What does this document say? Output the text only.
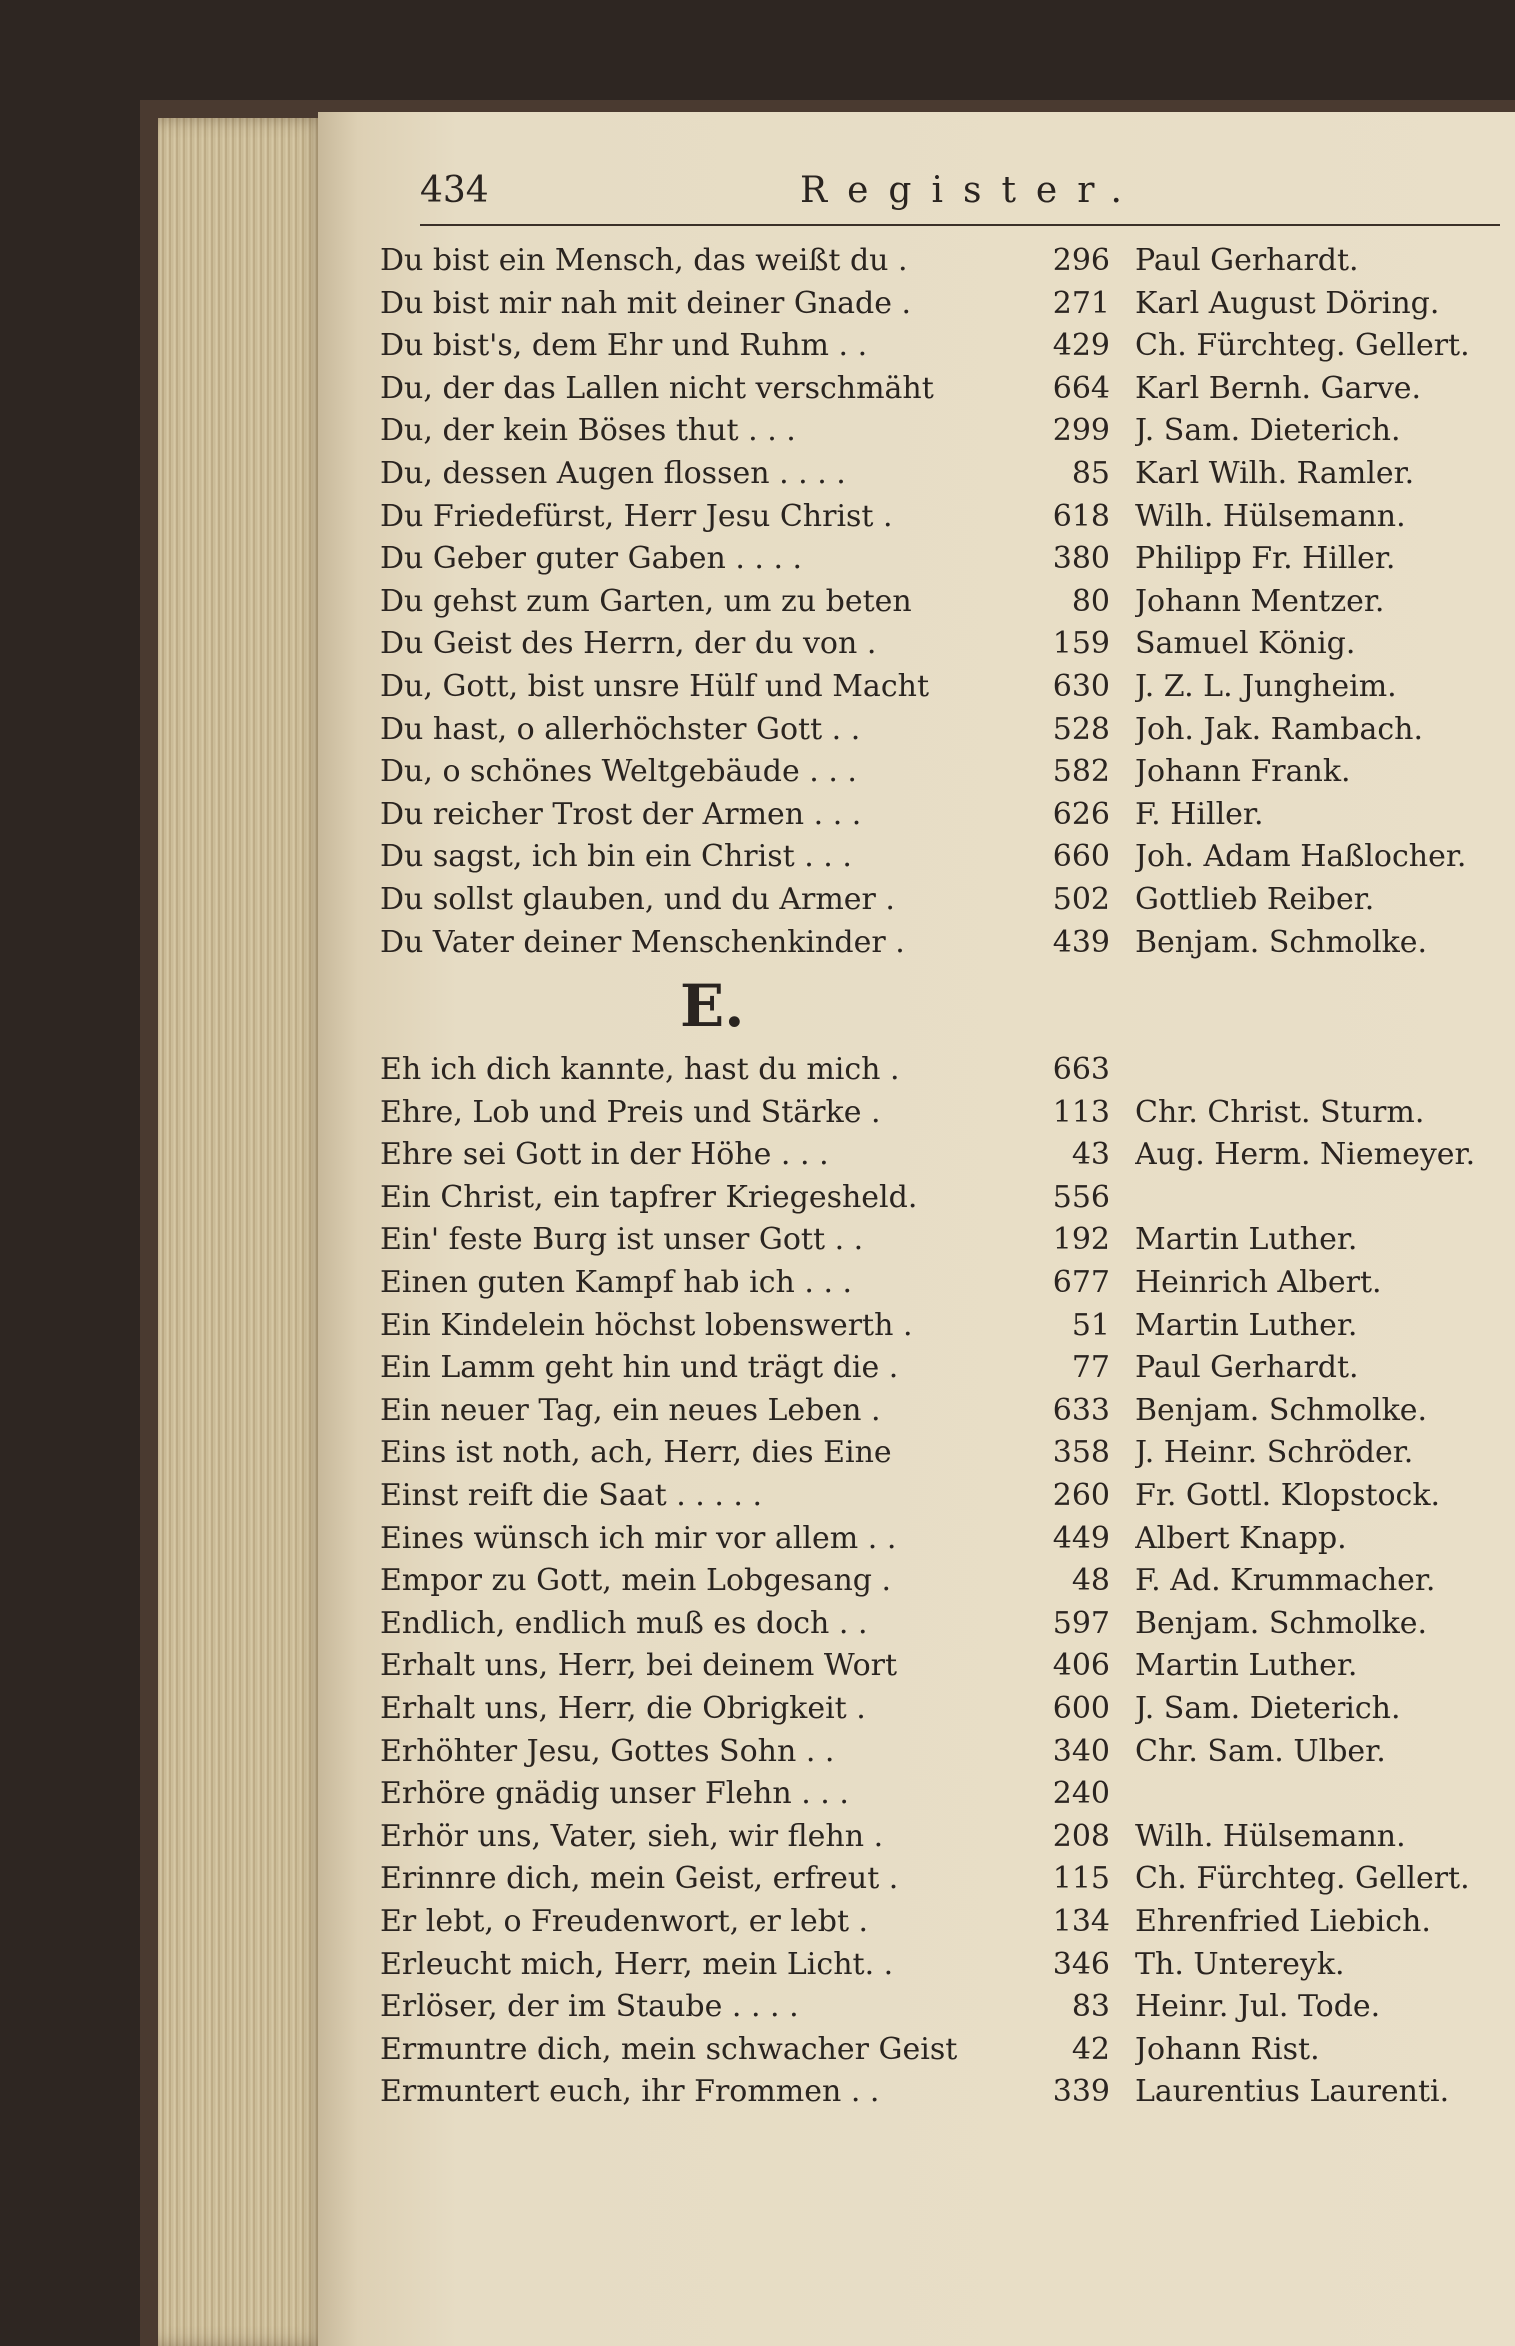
434	Register.
Du bist ein Mensch, das weißt du .	296 Paul Gerhardt.
Du bist mir nah mit deiner Gnade .	271 Karl August Döring.
Du bist's, dem Ehr und Ruhm . .	429 Ch. Fürchteg. Gellert.
Du, der das Lallen nicht verschmäht	664 Karl Bernh. Garve.
Du, der kein Böses thut . . .	299 J. Sam. Dieterich.
Du, dessen Augen flossen . . . .	85 Karl Wilh. Ramler.
Du Friedefürst, Herr Jesu Christ .	618 Wilh. Hülsemann.
Du Geber guter Gaben . . . .	380 Philipp Fr. Hiller.
Du gehst zum Garten, um zu beten	80 Johann Mentzer.
Du Geist des Herrn, der du von .	159 Samuel König.
Du, Gott, bist unsre Hülf und Macht	630 J. Z. L. Jungheim.
Du hast, o allerhöchster Gott . .	528 Joh. Jak. Rambach.
Du, o schönes Weltgebäude . . .	582 Johann Frank.
Du reicher Trost der Armen . . .	626 F. Hiller.
Du sagst, ich bin ein Christ . . .	660 Joh. Adam Haßlocher.
Du sollst glauben, und du Armer .	502 Gottlieb Reiber.
Du Vater deiner Menschenkinder .	439 Benjam. Schmolke.
E.
Eh ich dich kannte, hast du mich .	663
Ehre, Lob und Preis und Stärke .	113 Chr. Christ. Sturm.
Ehre sei Gott in der Höhe . . .	43 Aug. Herm. Niemeyer.
Ein Christ, ein tapfrer Kriegesheld.	556
Ein' feste Burg ist unser Gott . .	192 Martin Luther.
Einen guten Kampf hab ich . . .	677 Heinrich Albert.
Ein Kindelein höchst lobenswerth .	51 Martin Luther.
Ein Lamm geht hin und trägt die .	77 Paul Gerhardt.
Ein neuer Tag, ein neues Leben .	633 Benjam. Schmolke.
Eins ist noth, ach, Herr, dies Eine	358 J. Heinr. Schröder.
Einst reift die Saat . . . . .	260 Fr. Gottl. Klopstock.
Eines wünsch ich mir vor allem . .	449 Albert Knapp.
Empor zu Gott, mein Lobgesang .	48 F. Ad. Krummacher.
Endlich, endlich muß es doch . .	597 Benjam. Schmolke.
Erhalt uns, Herr, bei deinem Wort	406 Martin Luther.
Erhalt uns, Herr, die Obrigkeit .	600 J. Sam. Dieterich.
Erhöhter Jesu, Gottes Sohn . .	340 Chr. Sam. Ulber.
Erhöre gnädig unser Flehn . . .	240
Erhör uns, Vater, sieh, wir flehn .	208 Wilh. Hülsemann.
Erinnre dich, mein Geist, erfreut .	115 Ch. Fürchteg. Gellert.
Er lebt, o Freudenwort, er lebt .	134 Ehrenfried Liebich.
Erleucht mich, Herr, mein Licht. .	346 Th. Untereyk.
Erlöser, der im Staube . . . .	83 Heinr. Jul. Tode.
Ermuntre dich, mein schwacher Geist	42 Johann Rist.
Ermuntert euch, ihr Frommen . .	339 Laurentius Laurenti.
